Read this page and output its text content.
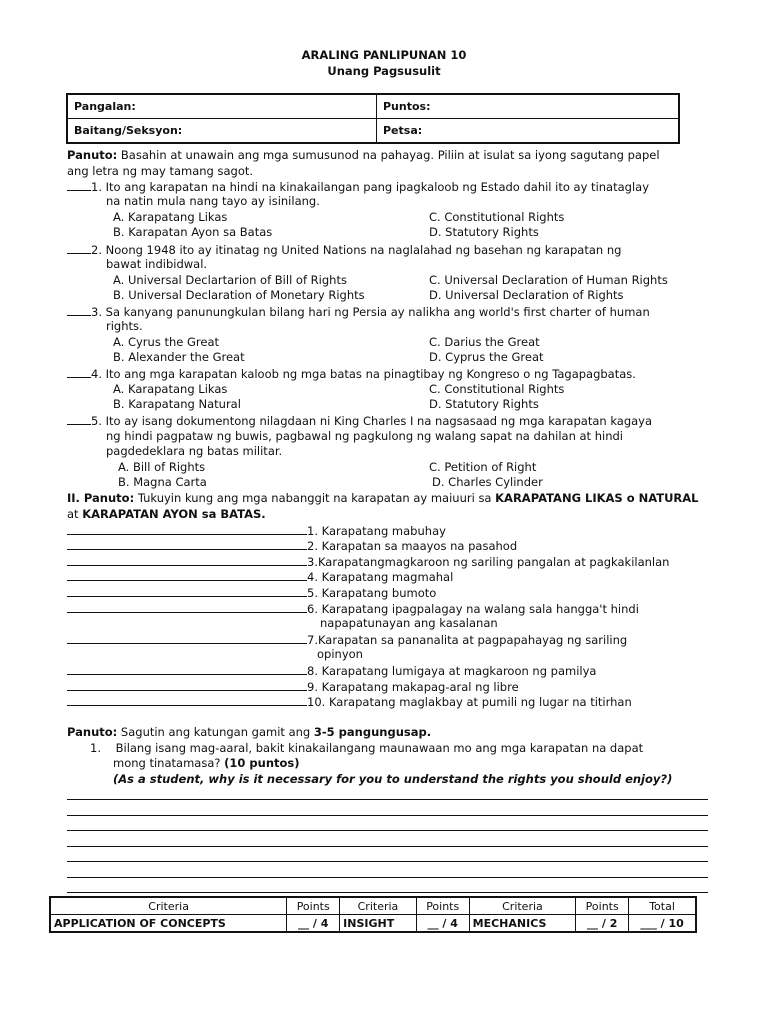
ARALING PANLIPUNAN 10
Unang Pagsusulit
Pangalan:	Puntos:
Baitang/Seksyon:	Petsa:
Panuto: Basahin at unawain ang mga sumusunod na pahayag. Piliin at isulat sa iyong sagutang papel
ang letra ng may tamang sagot.
1. Ito ang karapatan na hindi na kinakailangan pang ipagkaloob ng Estado dahil ito ay tinataglay
na natin mula nang tayo ay isinilang.
A. Karapatang Likas	C. Constitutional Rights
B. Karapatan Ayon sa Batas	D. Statutory Rights
2. Noong 1948 ito ay itinatag ng United Nations na naglalahad ng basehan ng karapatan ng
bawat indibidwal.
A. Universal Declartarion of Bill of Rights	C. Universal Declaration of Human Rights
B. Universal Declaration of Monetary Rights	D. Universal Declaration of Rights
3. Sa kanyang panunungkulan bilang hari ng Persia ay nalikha ang world's first charter of human
rights.
A. Cyrus the Great	C. Darius the Great
B. Alexander the Great	D. Cyprus the Great
4. Ito ang mga karapatan kaloob ng mga batas na pinagtibay ng Kongreso o ng Tagapagbatas.
A. Karapatang Likas	C. Constitutional Rights
B. Karapatang Natural	D. Statutory Rights
5. Ito ay isang dokumentong nilagdaan ni King Charles I na nagsasaad ng mga karapatan kagaya
ng hindi pagpataw ng buwis, pagbawal ng pagkulong ng walang sapat na dahilan at hindi
pagdedeklara ng batas militar.
A. Bill of Rights	C. Petition of Right
B. Magna Carta	D. Charles Cylinder
II. Panuto: Tukuyin kung ang mga nabanggit na karapatan ay maiuuri sa KARAPATANG LIKAS o NATURAL
at KARAPATAN AYON sa BATAS.
1. Karapatang mabuhay
2. Karapatan sa maayos na pasahod
3.Karapatangmagkaroon ng sariling pangalan at pagkakilanlan
4. Karapatang magmahal
5. Karapatang bumoto
6. Karapatang ipagpalagay na walang sala hangga't hindi
napapatunayan ang kasalanan
7.Karapatan sa pananalita at pagpapahayag ng sariling
opinyon
8. Karapatang lumigaya at magkaroon ng pamilya
9. Karapatang makapag-aral ng libre
10. Karapatang maglakbay at pumili ng lugar na titirhan
Panuto: Sagutin ang katungan gamit ang 3-5 pangungusap.
1. Bilang isang mag-aaral, bakit kinakailangang maunawaan mo ang mga karapatan na dapat
mong tinatamasa? (10 puntos)
(As a student, why is it necessary for you to understand the rights you should enjoy?)
Criteria	Points	Criteria	Points	Criteria	Points	Total
APPLICATION OF CONCEPTS	__ / 4	INSIGHT	__ / 4	MECHANICS	__ / 2	___ / 10
